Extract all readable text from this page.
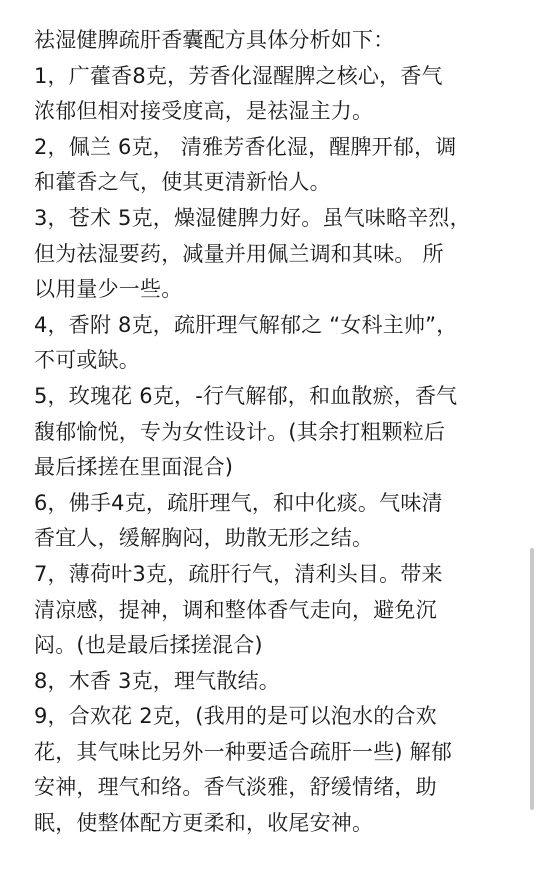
祛湿健脾疏肝香囊配方具体分析如下：
1，广藿香8克，芳香化湿醒脾之核心，香气
浓郁但相对接受度高，是祛湿主力。
2，佩兰 6克， 清雅芳香化湿，醒脾开郁，调
和藿香之气，使其更清新怡人。
3，苍术 5克，燥湿健脾力好。虽气味略辛烈，
但为祛湿要药，减量并用佩兰调和其味。 所
以用量少一些。
4，香附 8克，疏肝理气解郁之 “女科主帅”，
不可或缺。
5，玫瑰花 6克，-行气解郁，和血散瘀，香气
馥郁愉悦，专为女性设计。(其余打粗颗粒后
最后揉搓在里面混合)
6，佛手4克，疏肝理气，和中化痰。气味清
香宜人，缓解胸闷，助散无形之结。
7，薄荷叶3克，疏肝行气，清利头目。带来
清凉感，提神，调和整体香气走向，避免沉
闷。(也是最后揉搓混合)
8，木香 3克，理气散结。
9，合欢花 2克，(我用的是可以泡水的合欢
花，其气味比另外一种要适合疏肝一些) 解郁
安神，理气和络。香气淡雅，舒缓情绪，助
眠，使整体配方更柔和，收尾安神。
